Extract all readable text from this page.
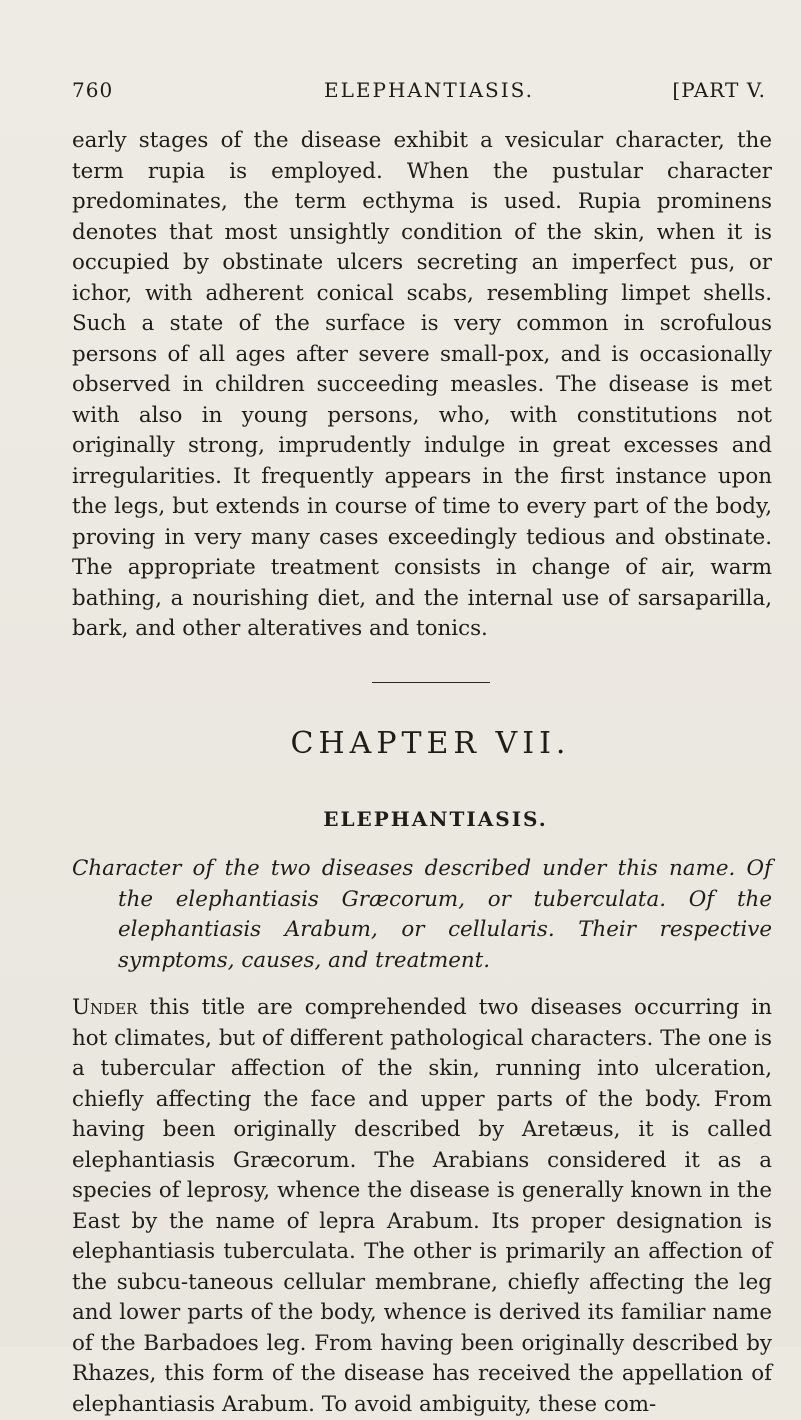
760	ELEPHANTIASIS.	[PART V.

early stages of the disease exhibit a vesicular character, the term rupia is employed. When the pustular character predominates, the term ecthyma is used. Rupia prominens denotes that most unsightly condition of the skin, when it is occupied by obstinate ulcers secreting an imperfect pus, or ichor, with adherent conical scabs, resembling limpet shells. Such a state of the surface is very common in scrofulous persons of all ages after severe small-pox, and is occasionally observed in children succeeding measles. The disease is met with also in young persons, who, with constitutions not originally strong, imprudently indulge in great excesses and irregularities. It frequently appears in the first instance upon the legs, but extends in course of time to every part of the body, proving in very many cases exceedingly tedious and obstinate. The appropriate treatment consists in change of air, warm bathing, a nourishing diet, and the internal use of sarsaparilla, bark, and other alteratives and tonics.

CHAPTER VII.
ELEPHANTIASIS.

Character of the two diseases described under this name. Of the elephantiasis Græcorum, or tuberculata. Of the elephantiasis Arabum, or cellularis. Their respective symptoms, causes, and treatment.

Under this title are comprehended two diseases occurring in hot climates, but of different pathological characters. The one is a tubercular affection of the skin, running into ulceration, chiefly affecting the face and upper parts of the body. From having been originally described by Aretæus, it is called elephantiasis Græcorum. The Arabians considered it as a species of leprosy, whence the disease is generally known in the East by the name of lepra Arabum. Its proper designation is elephantiasis tuberculata. The other is primarily an affection of the subcu-taneous cellular membrane, chiefly affecting the leg and lower parts of the body, whence is derived its familiar name of the Barbadoes leg. From having been originally described by Rhazes, this form of the disease has received the appellation of elephantiasis Arabum. To avoid ambiguity, these com-
